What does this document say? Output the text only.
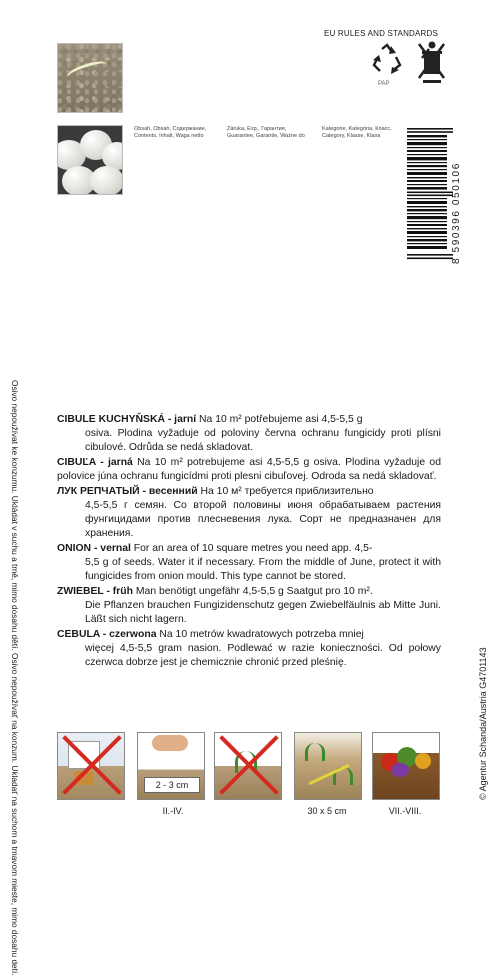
Osivo nepoužívat ke konzumu. Ukládat v suchu a tmě, mimo dosahu dětí. Osivo nepoužívať na konzum. Ukladať na suchom a tmavom mieste, mimo dosahu detí.	© Agentur Schanda/Austria G4701143
Obsah, Obsah, Содержание,
Contents, Inhalt, Waga netto
Záruka, Exp., Гарантия,
Guarantee, Garantie, Ważne do
Kategorie, Kategória, Класс,
Category, Klasse, Klasa
EU RULES AND STANDARDS
PAP
8 590396 050106

CIBULE KUCHYŇSKÁ - jarní Na 10 m² potřebujeme asi 4,5-5,5 g
osiva. Plodina vyžaduje od poloviny června ochranu fungicidy proti plísni cibulové. Odrůda se nedá skladovat.

CIBUĽA - jarná Na 10 m² potrebujeme asi 4,5-5,5 g osiva. Plodina vyžaduje od polovice júna ochranu fungicídmi proti plesni cibuľovej. Odroda sa nedá skladovať.

ЛУК РЕПЧАТЫЙ - весенний На 10 м² требуется приблизительно
4,5-5,5 г семян. Со второй половины июня обрабатываем растения фунгицидами против плесневения лука. Сорт не предназначен для хранения.

ONION - vernal For an area of 10 square metres you need app. 4,5-
5,5 g of seeds. Water it if necessary. From the middle of June, protect it with fungicides from onion mould. This type cannot be stored.

ZWIEBEL - früh Man benötigt ungefähr 4,5-5,5 g Saatgut pro 10 m².
Die Pflanzen brauchen Fungizidenschutz gegen Zwiebelfäulnis ab Mitte Juni. Läßt sich nicht lagern.

CEBULA - czerwona Na 10 metrów kwadratowych potrzeba mniej
więcej 4,5-5,5 gram nasion. Podlewać w razie konieczności. Od połowy czerwca dobrze jest je chemicznie chronić przed pleśnię.

2 - 3 cm
II.-IV.	30 x 5 cm	VII.-VIII.
